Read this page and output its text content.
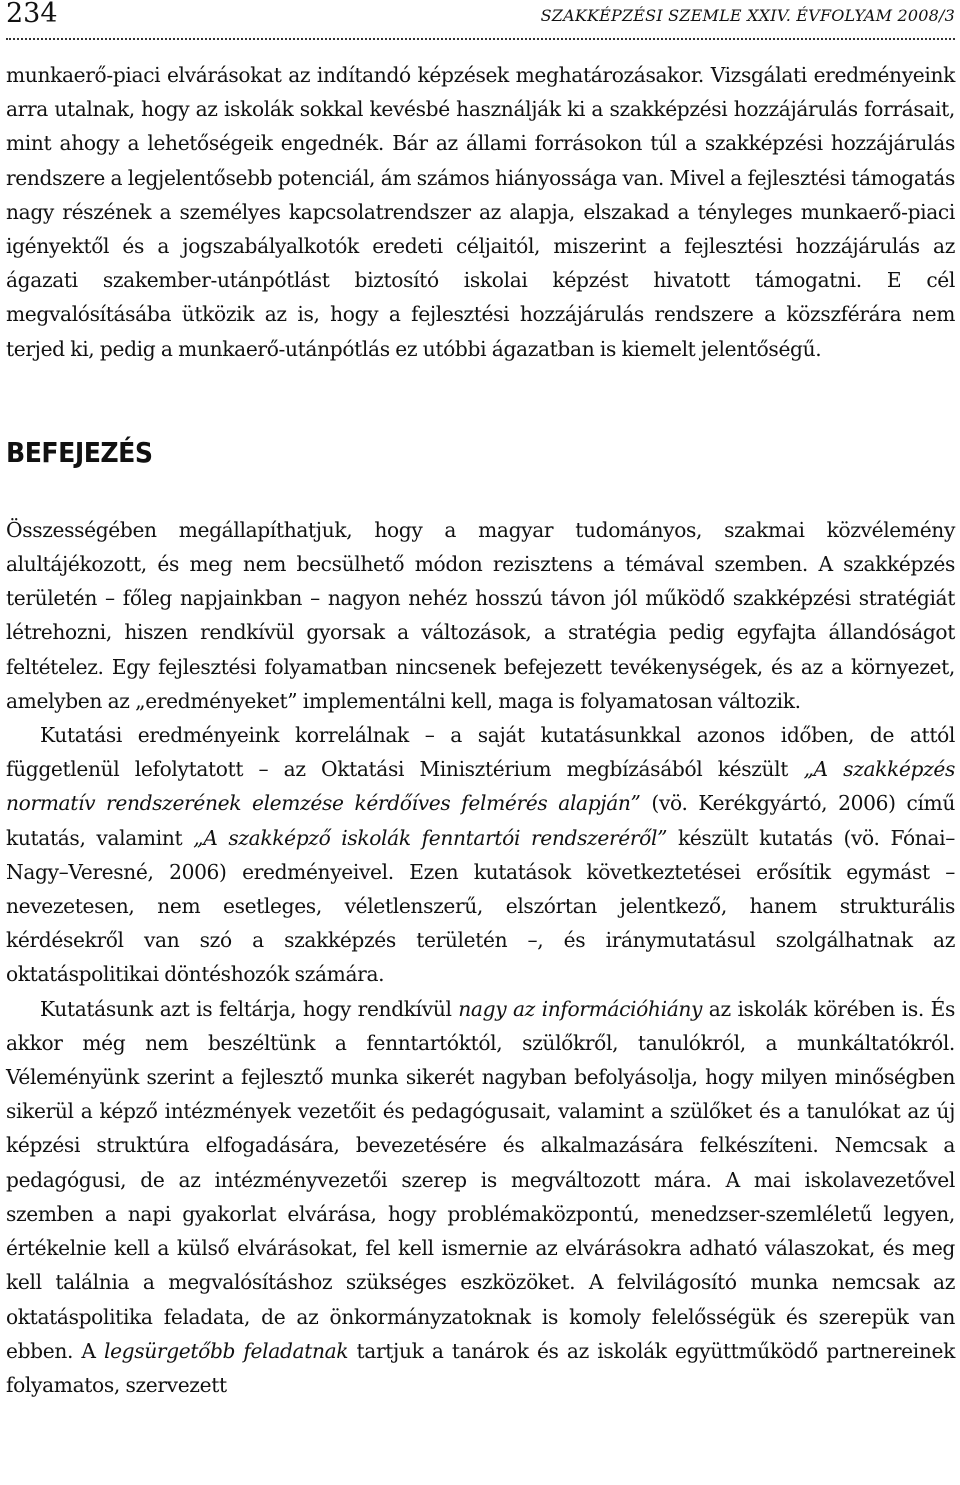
234	SZAKKÉPZÉSI SZEMLE XXIV. ÉVFOLYAM 2008/3

munkaerő-piaci elvárásokat az indítandó képzések meghatározásakor. Vizsgálati eredményeink arra utalnak, hogy az iskolák sokkal kevésbé használják ki a szakképzési hozzájárulás forrásait, mint ahogy a lehetőségeik engednék. Bár az állami forrásokon túl a szakképzési hozzájárulás rendszere a legjelentősebb potenciál, ám számos hiányossága van. Mivel a fejlesztési támogatás nagy részének a személyes kapcsolatrendszer az alapja, elszakad a tényleges munkaerő-piaci igényektől és a jogszabályalkotók eredeti céljaitól, miszerint a fejlesztési hozzájárulás az ágazati szakember-utánpótlást biztosító iskolai képzést hivatott támogatni. E cél megvalósításába ütközik az is, hogy a fejlesztési hozzájárulás rendszere a közszférára nem terjed ki, pedig a munkaerő-utánpótlás ez utóbbi ágazatban is kiemelt jelentőségű.

BEFEJEZÉS

Összességében megállapíthatjuk, hogy a magyar tudományos, szakmai közvélemény alultájékozott, és meg nem becsülhető módon rezisztens a témával szemben. A szakképzés területén – főleg napjainkban – nagyon nehéz hosszú távon jól működő szakképzési stratégiát létrehozni, hiszen rendkívül gyorsak a változások, a stratégia pedig egyfajta állandóságot feltételez. Egy fejlesztési folyamatban nincsenek befejezett tevékenységek, és az a környezet, amelyben az „eredményeket” implementálni kell, maga is folyamatosan változik.

Kutatási eredményeink korrelálnak – a saját kutatásunkkal azonos időben, de attól függetlenül lefolytatott – az Oktatási Minisztérium megbízásából készült „A szakképzés normatív rendszerének elemzése kérdőíves felmérés alapján” (vö. Kerékgyártó, 2006) című kutatás, valamint „A szakképző iskolák fenntartói rendszeréről” készült kutatás (vö. Fónai–Nagy–Veresné, 2006) eredményeivel. Ezen kutatások következtetései erősítik egymást – nevezetesen, nem esetleges, véletlenszerű, elszórtan jelentkező, hanem strukturális kérdésekről van szó a szakképzés területén –, és iránymutatásul szolgálhatnak az oktatáspolitikai döntéshozók számára.

Kutatásunk azt is feltárja, hogy rendkívül nagy az információhiány az iskolák körében is. És akkor még nem beszéltünk a fenntartóktól, szülőkről, tanulókról, a munkáltatókról. Véleményünk szerint a fejlesztő munka sikerét nagyban befolyásolja, hogy milyen minőségben sikerül a képző intézmények vezetőit és pedagógusait, valamint a szülőket és a tanulókat az új képzési struktúra elfogadására, bevezetésére és alkalmazására felkészíteni. Nemcsak a pedagógusi, de az intézményvezetői szerep is megváltozott mára. A mai iskolavezetővel szemben a napi gyakorlat elvárása, hogy problémaközpontú, menedzser-szemléletű legyen, értékelnie kell a külső elvárásokat, fel kell ismernie az elvárásokra adható válaszokat, és meg kell találnia a megvalósításhoz szükséges eszközöket. A felvilágosító munka nemcsak az oktatáspolitika feladata, de az önkormányzatoknak is komoly felelősségük és szerepük van ebben. A legsürgetőbb feladatnak tartjuk a tanárok és az iskolák együttműködő partnereinek folyamatos, szervezett
